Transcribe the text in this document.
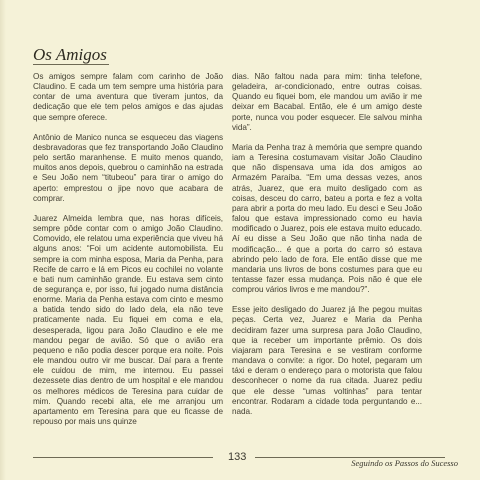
Os Amigos

Os amigos sempre falam com carinho de João Claudino. E cada um tem sempre uma história para contar de uma aventura que tiveram juntos, da dedicação que ele tem pelos amigos e das ajudas que sempre oferece.

Antônio de Manico nunca se esqueceu das viagens desbravadoras que fez transportando João Claudino pelo sertão maranhense. E muito menos quando, muitos anos depois, quebrou o caminhão na estrada e Seu João nem “titubeou” para tirar o amigo do aperto: emprestou o jipe novo que acabara de comprar.

Juarez Almeida lembra que, nas horas difíceis, sempre pôde contar com o amigo João Claudino. Comovido, ele relatou uma experiência que viveu há alguns anos: “Foi um acidente automobilista. Eu sempre ia com minha esposa, Maria da Penha, para Recife de carro e lá em Picos eu cochilei no volante e bati num caminhão grande. Eu estava sem cinto de segurança e, por isso, fui jogado numa distância enorme. Maria da Penha estava com cinto e mesmo a batida tendo sido do lado dela, ela não teve praticamente nada. Eu fiquei em coma e ela, desesperada, ligou para João Claudino e ele me mandou pegar de avião. Só que o avião era pequeno e não podia descer porque era noite. Pois ele mandou outro vir me buscar. Daí para a frente ele cuidou de mim, me internou. Eu passei dezessete dias dentro de um hospital e ele mandou os melhores médicos de Teresina para cuidar de mim. Quando recebi alta, ele me arranjou um apartamento em Teresina para que eu ficasse de repouso por mais uns quinze

dias. Não faltou nada para mim: tinha telefone, geladeira, ar-condicionado, entre outras coisas. Quando eu fiquei bom, ele mandou um avião ir me deixar em Bacabal. Então, ele é um amigo deste porte, nunca vou poder esquecer. Ele salvou minha vida”.

Maria da Penha traz à memória que sempre quando iam a Teresina costumavam visitar João Claudino que não dispensava uma ida dos amigos ao Armazém Paraíba. “Em uma dessas vezes, anos atrás, Juarez, que era muito desligado com as coisas, desceu do carro, bateu a porta e fez a volta para abrir a porta do meu lado. Eu desci e Seu João falou que estava impressionado como eu havia modificado o Juarez, pois ele estava muito educado. Aí eu disse a Seu João que não tinha nada de modificação... é que a porta do carro só estava abrindo pelo lado de fora. Ele então disse que me mandaria uns livros de bons costumes para que eu tentasse fazer essa mudança. Pois não é que ele comprou vários livros e me mandou?”.

Esse jeito desligado do Juarez já lhe pegou muitas peças. Certa vez, Juarez e Maria da Penha decidiram fazer uma surpresa para João Claudino, que ia receber um importante prêmio. Os dois viajaram para Teresina e se vestiram conforme mandava o convite: a rigor. Do hotel, pegaram um táxi e deram o endereço para o motorista que falou desconhecer o nome da rua citada. Juarez pediu que ele desse “umas voltinhas” para tentar encontrar. Rodaram a cidade toda perguntando e... nada.

133	Seguindo os Passos do Sucesso
